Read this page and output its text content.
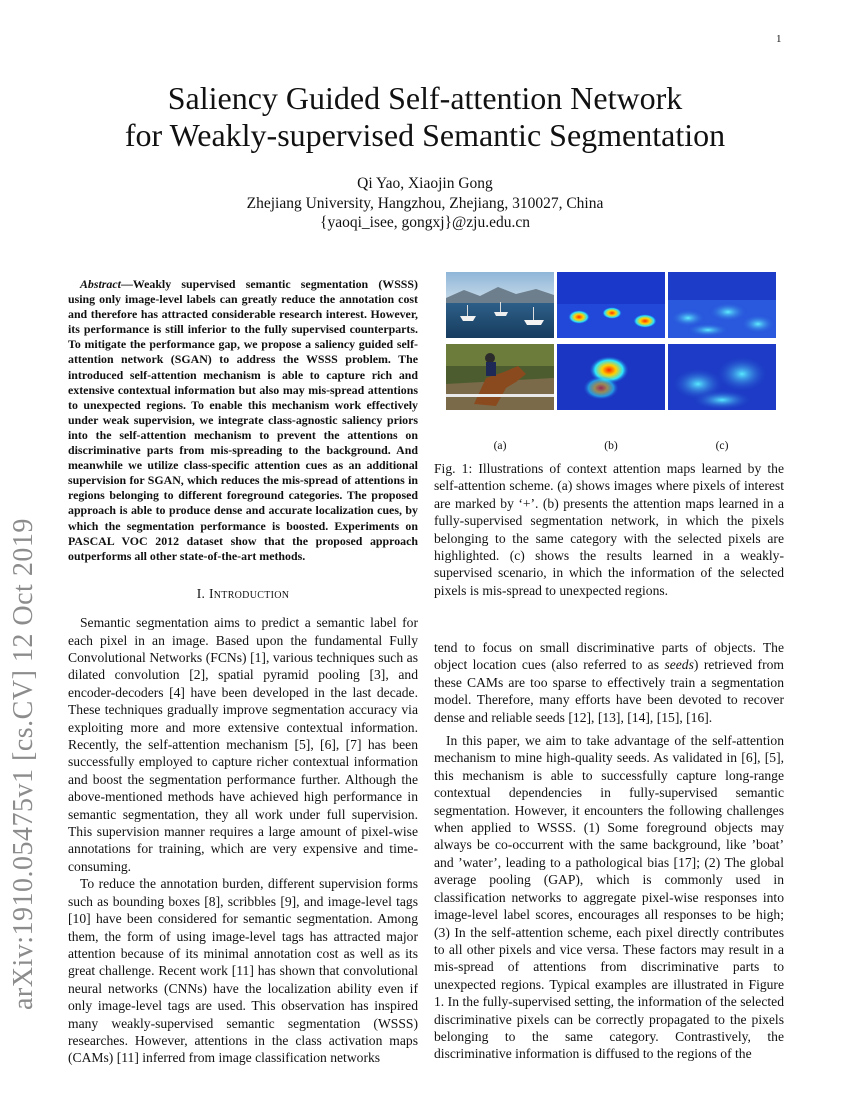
1
arXiv:1910.05475v1 [cs.CV] 12 Oct 2019
Saliency Guided Self-attention Network
for Weakly-supervised Semantic Segmentation
Qi Yao, Xiaojin Gong
Zhejiang University, Hangzhou, Zhejiang, 310027, China
{yaoqi_isee, gongxj}@zju.edu.cn

Abstract—Weakly supervised semantic segmentation (WSSS) using only image-level labels can greatly reduce the annotation cost and therefore has attracted considerable research interest. However, its performance is still inferior to the fully supervised counterparts. To mitigate the performance gap, we propose a saliency guided self-attention network (SGAN) to address the WSSS problem. The introduced self-attention mechanism is able to capture rich and extensive contextual information but also may mis-spread attentions to unexpected regions. To enable this mechanism work effectively under weak supervision, we integrate class-agnostic saliency priors into the self-attention mechanism to prevent the attentions on discriminative parts from mis-spreading to the background. And meanwhile we utilize class-specific attention cues as an additional supervision for SGAN, which reduces the mis-spread of attentions in regions belonging to different foreground categories. The proposed approach is able to produce dense and accurate localization cues, by which the segmentation performance is boosted. Experiments on PASCAL VOC 2012 dataset show that the proposed approach outperforms all other state-of-the-art methods.

I. Introduction

Semantic segmentation aims to predict a semantic label for each pixel in an image. Based upon the fundamental Fully Convolutional Networks (FCNs) [1], various techniques such as dilated convolution [2], spatial pyramid pooling [3], and encoder-decoders [4] have been developed in the last decade. These techniques gradually improve segmentation accuracy via exploiting more and more extensive contextual information. Recently, the self-attention mechanism [5], [6], [7] has been successfully employed to capture richer contextual information and boost the segmentation performance further. Although the above-mentioned methods have achieved high performance in semantic segmentation, they all work under full supervision. This supervision manner requires a large amount of pixel-wise annotations for training, which are very expensive and time-consuming.

To reduce the annotation burden, different supervision forms such as bounding boxes [8], scribbles [9], and image-level tags [10] have been considered for semantic segmentation. Among them, the form of using image-level tags has attracted major attention because of its minimal annotation cost as well as its great challenge. Recent work [11] has shown that convolutional neural networks (CNNs) have the localization ability even if only image-level tags are used. This observation has inspired many weakly-supervised semantic segmentation (WSSS) researches. However, attentions in the class activation maps (CAMs) [11] inferred from image classification networks

(a)	(b)	(c)
Fig. 1: Illustrations of context attention maps learned by the self-attention scheme. (a) shows images where pixels of interest are marked by ‘+’. (b) presents the attention maps learned in a fully-supervised segmentation network, in which the pixels belonging to the same category with the selected pixels are highlighted. (c) shows the results learned in a weakly-supervised scenario, in which the information of the selected pixels is mis-spread to unexpected regions.

tend to focus on small discriminative parts of objects. The object location cues (also referred to as seeds) retrieved from these CAMs are too sparse to effectively train a segmentation model. Therefore, many efforts have been devoted to recover dense and reliable seeds [12], [13], [14], [15], [16].

In this paper, we aim to take advantage of the self-attention mechanism to mine high-quality seeds. As validated in [6], [5], this mechanism is able to successfully capture long-range contextual dependencies in fully-supervised semantic segmentation. However, it encounters the following challenges when applied to WSSS. (1) Some foreground objects may always be co-occurrent with the same background, like ’boat’ and ’water’, leading to a pathological bias [17]; (2) The global average pooling (GAP), which is commonly used in classification networks to aggregate pixel-wise responses into image-level label scores, encourages all responses to be high; (3) In the self-attention scheme, each pixel directly contributes to all other pixels and vice versa. These factors may result in a mis-spread of attentions from discriminative parts to unexpected regions. Typical examples are illustrated in Figure 1. In the fully-supervised setting, the information of the selected discriminative pixels can be correctly propagated to the pixels belonging to the same category. Contrastively, the discriminative information is diffused to the regions of the
